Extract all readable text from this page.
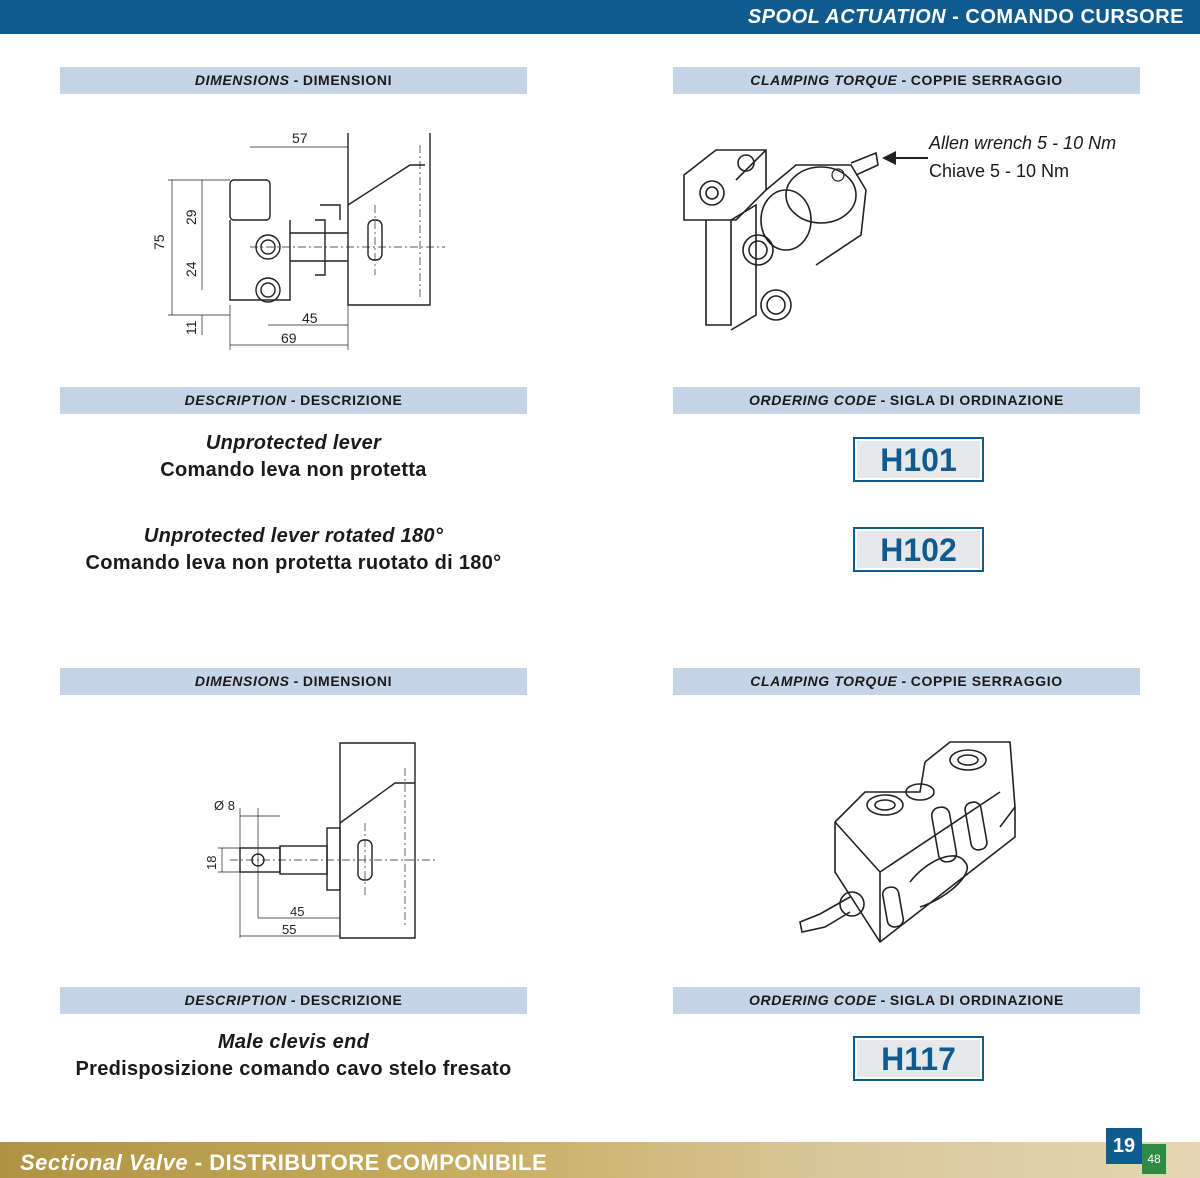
SPOOL ACTUATION - COMANDO CURSORE
DIMENSIONS - DIMENSIONI	CLAMPING TORQUE - COPPIE SERRAGGIO
57
75
29
24
11
45
69
Allen wrench 5 - 10 Nm
Chiave 5 - 10 Nm
DESCRIPTION - DESCRIZIONE	ORDERING CODE - SIGLA DI ORDINAZIONE
Unprotected lever
Comando leva non protetta	H101
Unprotected lever rotated 180°
Comando leva non protetta ruotato di 180°	H102
DIMENSIONS - DIMENSIONI	CLAMPING TORQUE - COPPIE SERRAGGIO
Ø 8
18
45
55
DESCRIPTION - DESCRIZIONE	ORDERING CODE - SIGLA DI ORDINAZIONE
Male clevis end
Predisposizione comando cavo stelo fresato	H117
Sectional Valve - DISTRIBUTORE COMPONIBILE
19
48
